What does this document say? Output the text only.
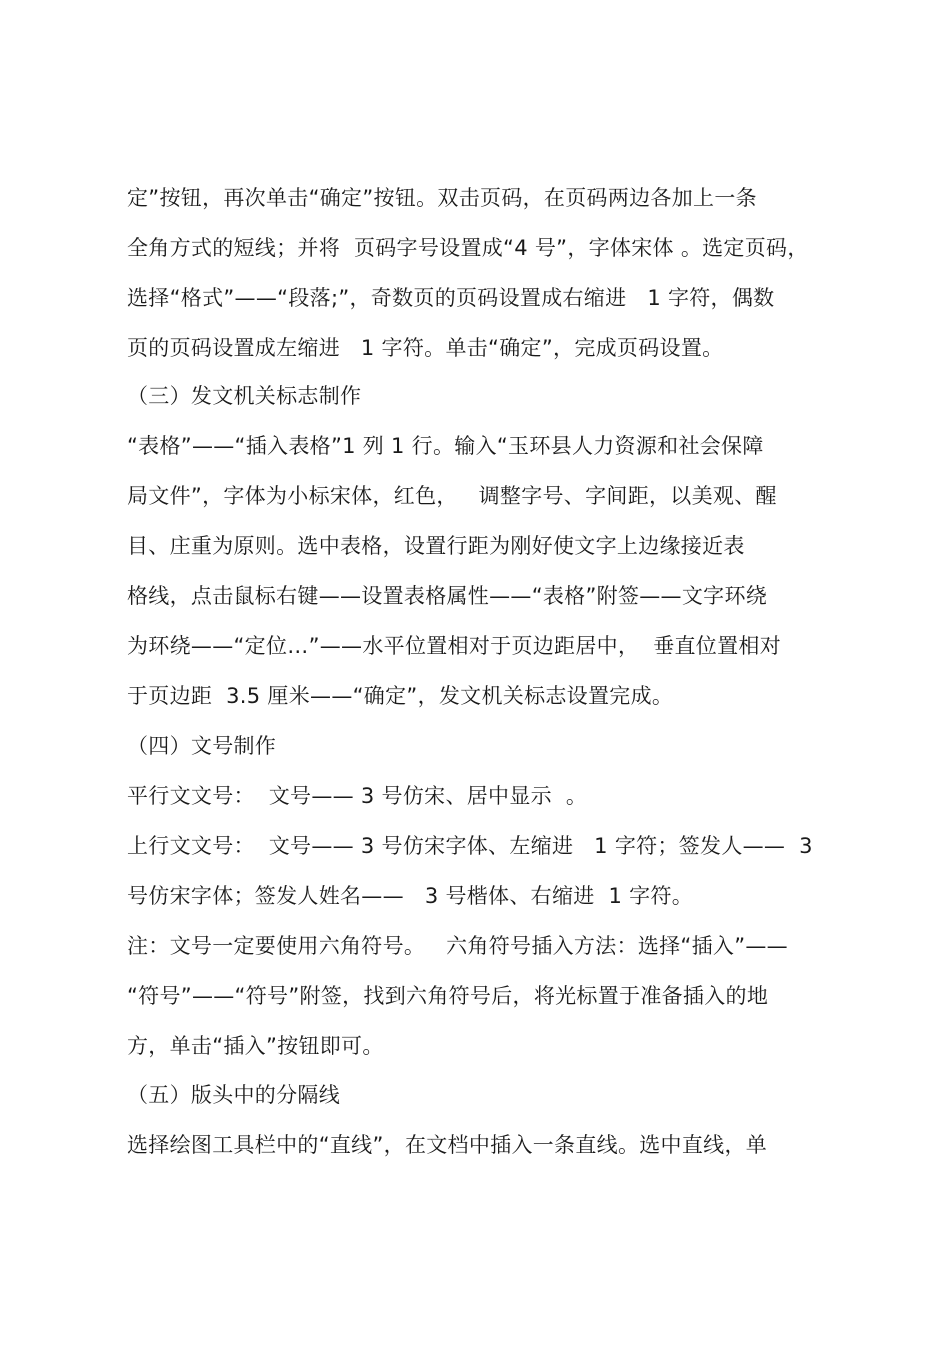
定”按钮，再次单击“确定”按钮。双击页码，在页码两边各加上一条
全角方式的短线；并将  页码字号设置成“4 号”，字体宋体 。选定页码，
选择“格式”——“段落;”，奇数页的页码设置成右缩进   1 字符，偶数
页的页码设置成左缩进   1 字符。单击“确定”，完成页码设置。
（三）发文机关标志制作
“表格”——“插入表格”1 列 1 行。输入“玉环县人力资源和社会保障
局文件”，字体为小标宋体，红色，   调整字号、字间距，以美观、醒
目、庄重为原则。选中表格，设置行距为刚好使文字上边缘接近表
格线，点击鼠标右键——设置表格属性——“表格”附签——文字环绕
为环绕——“定位…”——水平位置相对于页边距居中，  垂直位置相对
于页边距  3.5 厘米——“确定”，发文机关标志设置完成。
（四）文号制作
平行文文号：  文号—— 3 号仿宋、居中显示  。
上行文文号：  文号—— 3 号仿宋字体、左缩进   1 字符；签发人——  3
号仿宋字体；签发人姓名——   3 号楷体、右缩进  1 字符。
注：文号一定要使用六角符号。   六角符号插入方法：选择“插入”——
“符号”——“符号”附签，找到六角符号后，将光标置于准备插入的地
方，单击“插入”按钮即可。
（五）版头中的分隔线
选择绘图工具栏中的“直线”，在文档中插入一条直线。选中直线，单
